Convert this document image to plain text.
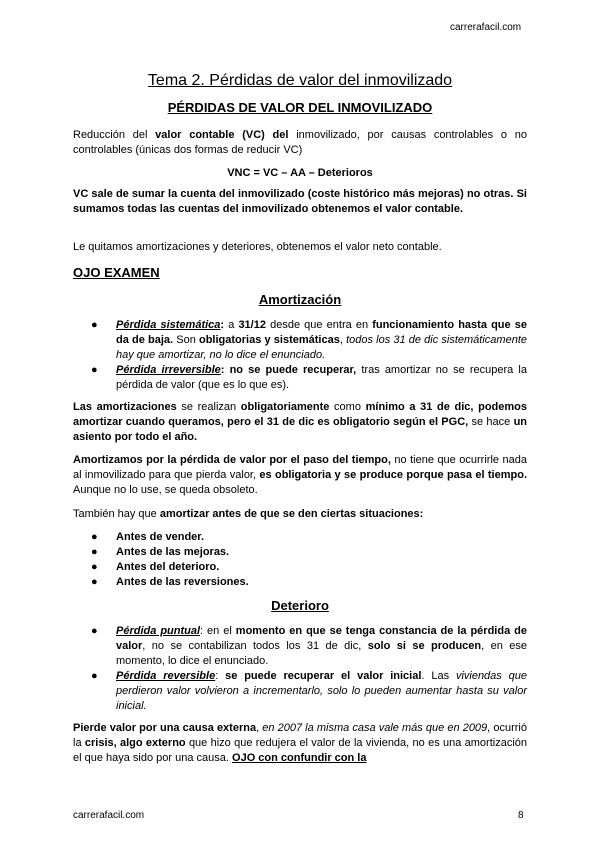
carrerafacil.com
Tema 2. Pérdidas de valor del inmovilizado
PÉRDIDAS DE VALOR DEL INMOVILIZADO

Reducción del valor contable (VC) del inmovilizado, por causas controlables o no controlables (únicas dos formas de reducir VC)

VNC = VC – AA – Deterioros

VC sale de sumar la cuenta del inmovilizado (coste histórico más mejoras) no otras. Si sumamos todas las cuentas del inmovilizado obtenemos el valor contable.

Le quitamos amortizaciones y deteriores, obtenemos el valor neto contable.

OJO EXAMEN
Amortización
●	Pérdida sistemática: a 31/12 desde que entra en funcionamiento hasta que se da de baja. Son obligatorias y sistemáticas, todos los 31 de dic sistemáticamente hay que amortizar, no lo dice el enunciado.

●	Pérdida irreversible: no se puede recuperar, tras amortizar no se recupera la pérdida de valor (que es lo que es).

Las amortizaciones se realizan obligatoriamente como mínimo a 31 de dic, podemos amortizar cuando queramos, pero el 31 de dic es obligatorio según el PGC, se hace un asiento por todo el año.

Amortizamos por la pérdida de valor por el paso del tiempo, no tiene que ocurrirle nada al inmovilizado para que pierda valor, es obligatoria y se produce porque pasa el tiempo. Aunque no lo use, se queda obsoleto.

También hay que amortizar antes de que se den ciertas situaciones:

●	Antes de vender.
●	Antes de las mejoras.
●	Antes del deterioro.
●	Antes de las reversiones.
Deterioro
●	Pérdida puntual: en el momento en que se tenga constancia de la pérdida de valor, no se contabilizan todos los 31 de dic, solo si se producen, en ese momento, lo dice el enunciado.

●	Pérdida reversible: se puede recuperar el valor inicial. Las viviendas que perdieron valor volvieron a incrementarlo, solo lo pueden aumentar hasta su valor inicial.

Pierde valor por una causa externa, en 2007 la misma casa vale más que en 2009, ocurrió la crisis, algo externo que hizo que redujera el valor de la vivienda, no es una amortización el que haya sido por una causa. OJO con confundir con la

carrerafacil.com	8
